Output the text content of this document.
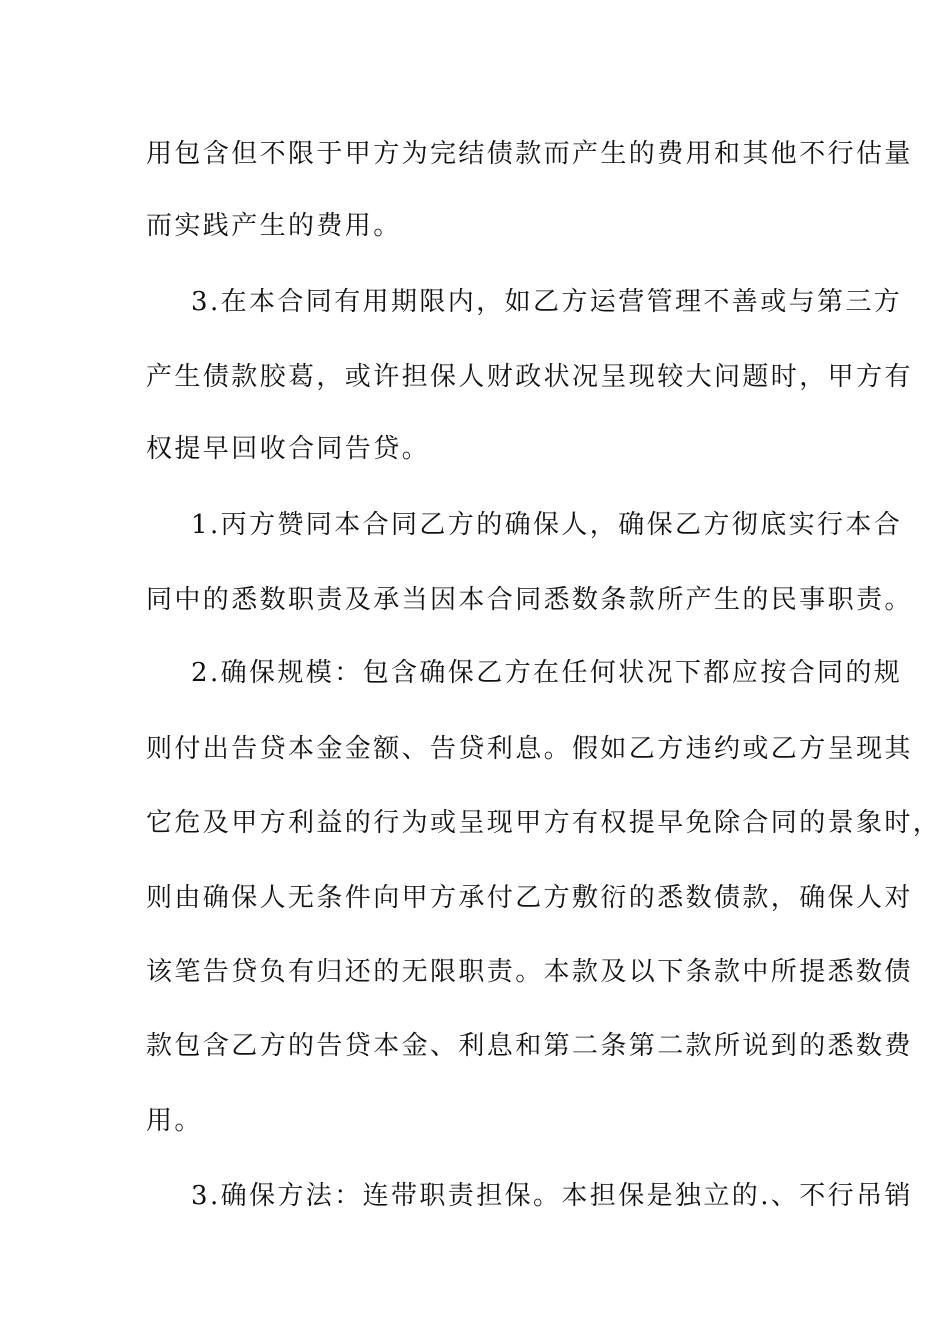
用包含但不限于甲方为完结债款而产生的费用和其他不行估量
而实践产生的费用。
3.在本合同有用期限内，如乙方运营管理不善或与第三方
产生债款胶葛，或许担保人财政状况呈现较大问题时，甲方有
权提早回收合同告贷。
1.丙方赞同本合同乙方的确保人，确保乙方彻底实行本合
同中的悉数职责及承当因本合同悉数条款所产生的民事职责。
2.确保规模：包含确保乙方在任何状况下都应按合同的规
则付出告贷本金金额、告贷利息。假如乙方违约或乙方呈现其
它危及甲方利益的行为或呈现甲方有权提早免除合同的景象时，
则由确保人无条件向甲方承付乙方敷衍的悉数债款，确保人对
该笔告贷负有归还的无限职责。本款及以下条款中所提悉数债
款包含乙方的告贷本金、利息和第二条第二款所说到的悉数费
用。
3.确保方法：连带职责担保。本担保是独立的.、不行吊销
